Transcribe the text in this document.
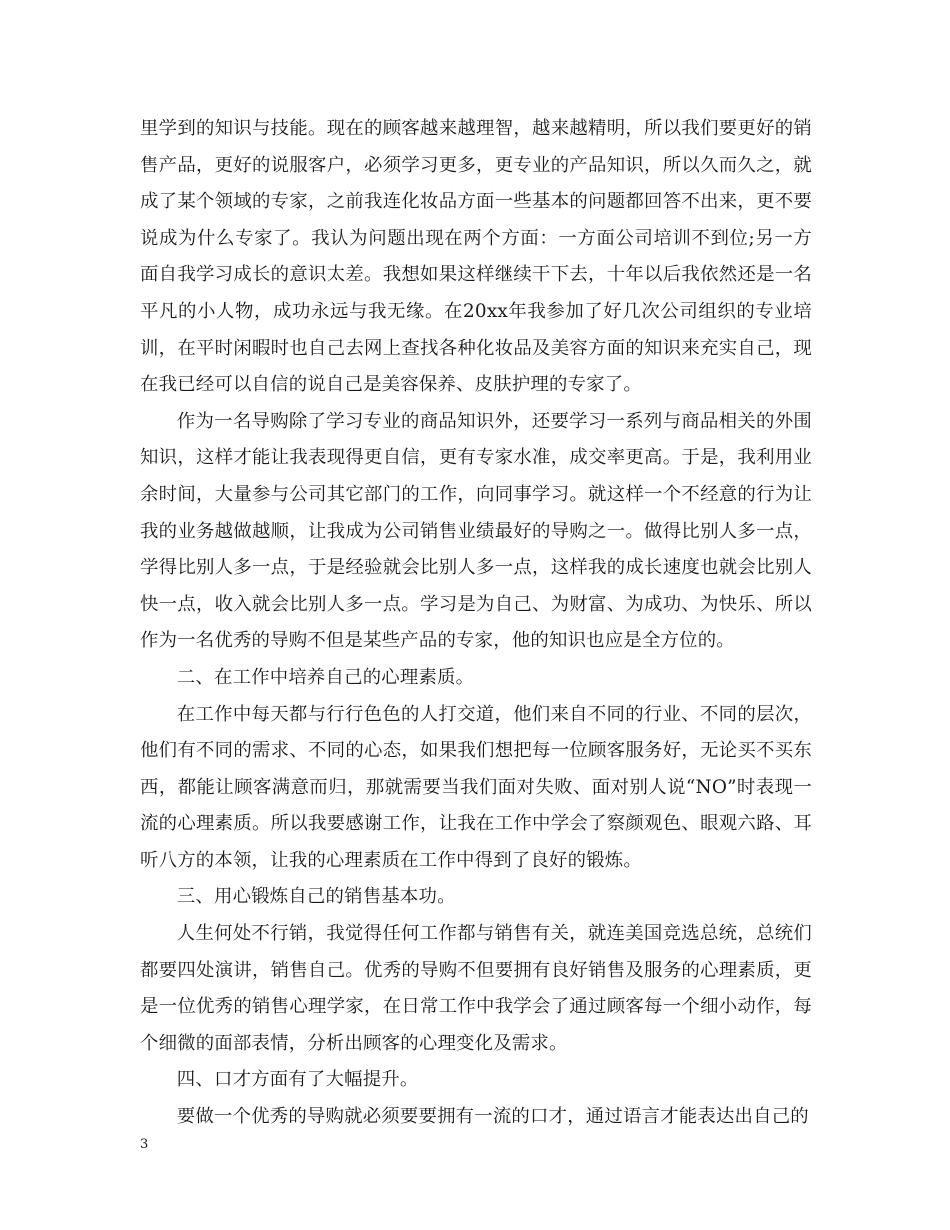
里学到的知识与技能。现在的顾客越来越理智，越来越精明，所以我们要更好的销售产品，更好的说服客户，必须学习更多，更专业的产品知识，所以久而久之，就成了某个领域的专家，之前我连化妆品方面一些基本的问题都回答不出来，更不要说成为什么专家了。我认为问题出现在两个方面：一方面公司培训不到位;另一方面自我学习成长的意识太差。我想如果这样继续干下去，十年以后我依然还是一名平凡的小人物，成功永远与我无缘。在20xx年我参加了好几次公司组织的专业培训，在平时闲暇时也自己去网上查找各种化妆品及美容方面的知识来充实自己，现在我已经可以自信的说自己是美容保养、皮肤护理的专家了。

作为一名导购除了学习专业的商品知识外，还要学习一系列与商品相关的外围知识，这样才能让我表现得更自信，更有专家水准，成交率更高。于是，我利用业余时间，大量参与公司其它部门的工作，向同事学习。就这样一个不经意的行为让我的业务越做越顺，让我成为公司销售业绩最好的导购之一。做得比别人多一点，学得比别人多一点，于是经验就会比别人多一点，这样我的成长速度也就会比别人快一点，收入就会比别人多一点。学习是为自己、为财富、为成功、为快乐、所以作为一名优秀的导购不但是某些产品的专家，他的知识也应是全方位的。

二、在工作中培养自己的心理素质。

在工作中每天都与行行色色的人打交道，他们来自不同的行业、不同的层次，他们有不同的需求、不同的心态，如果我们想把每一位顾客服务好，无论买不买东西，都能让顾客满意而归，那就需要当我们面对失败、面对别人说“NO”时表现一流的心理素质。所以我要感谢工作，让我在工作中学会了察颜观色、眼观六路、耳听八方的本领，让我的心理素质在工作中得到了良好的锻炼。

三、用心锻炼自己的销售基本功。

人生何处不行销，我觉得任何工作都与销售有关，就连美国竞选总统，总统们都要四处演讲，销售自己。优秀的导购不但要拥有良好销售及服务的心理素质，更是一位优秀的销售心理学家，在日常工作中我学会了通过顾客每一个细小动作，每个细微的面部表情，分析出顾客的心理变化及需求。

四、口才方面有了大幅提升。

要做一个优秀的导购就必须要要拥有一流的口才，通过语言才能表达出自己的

3
